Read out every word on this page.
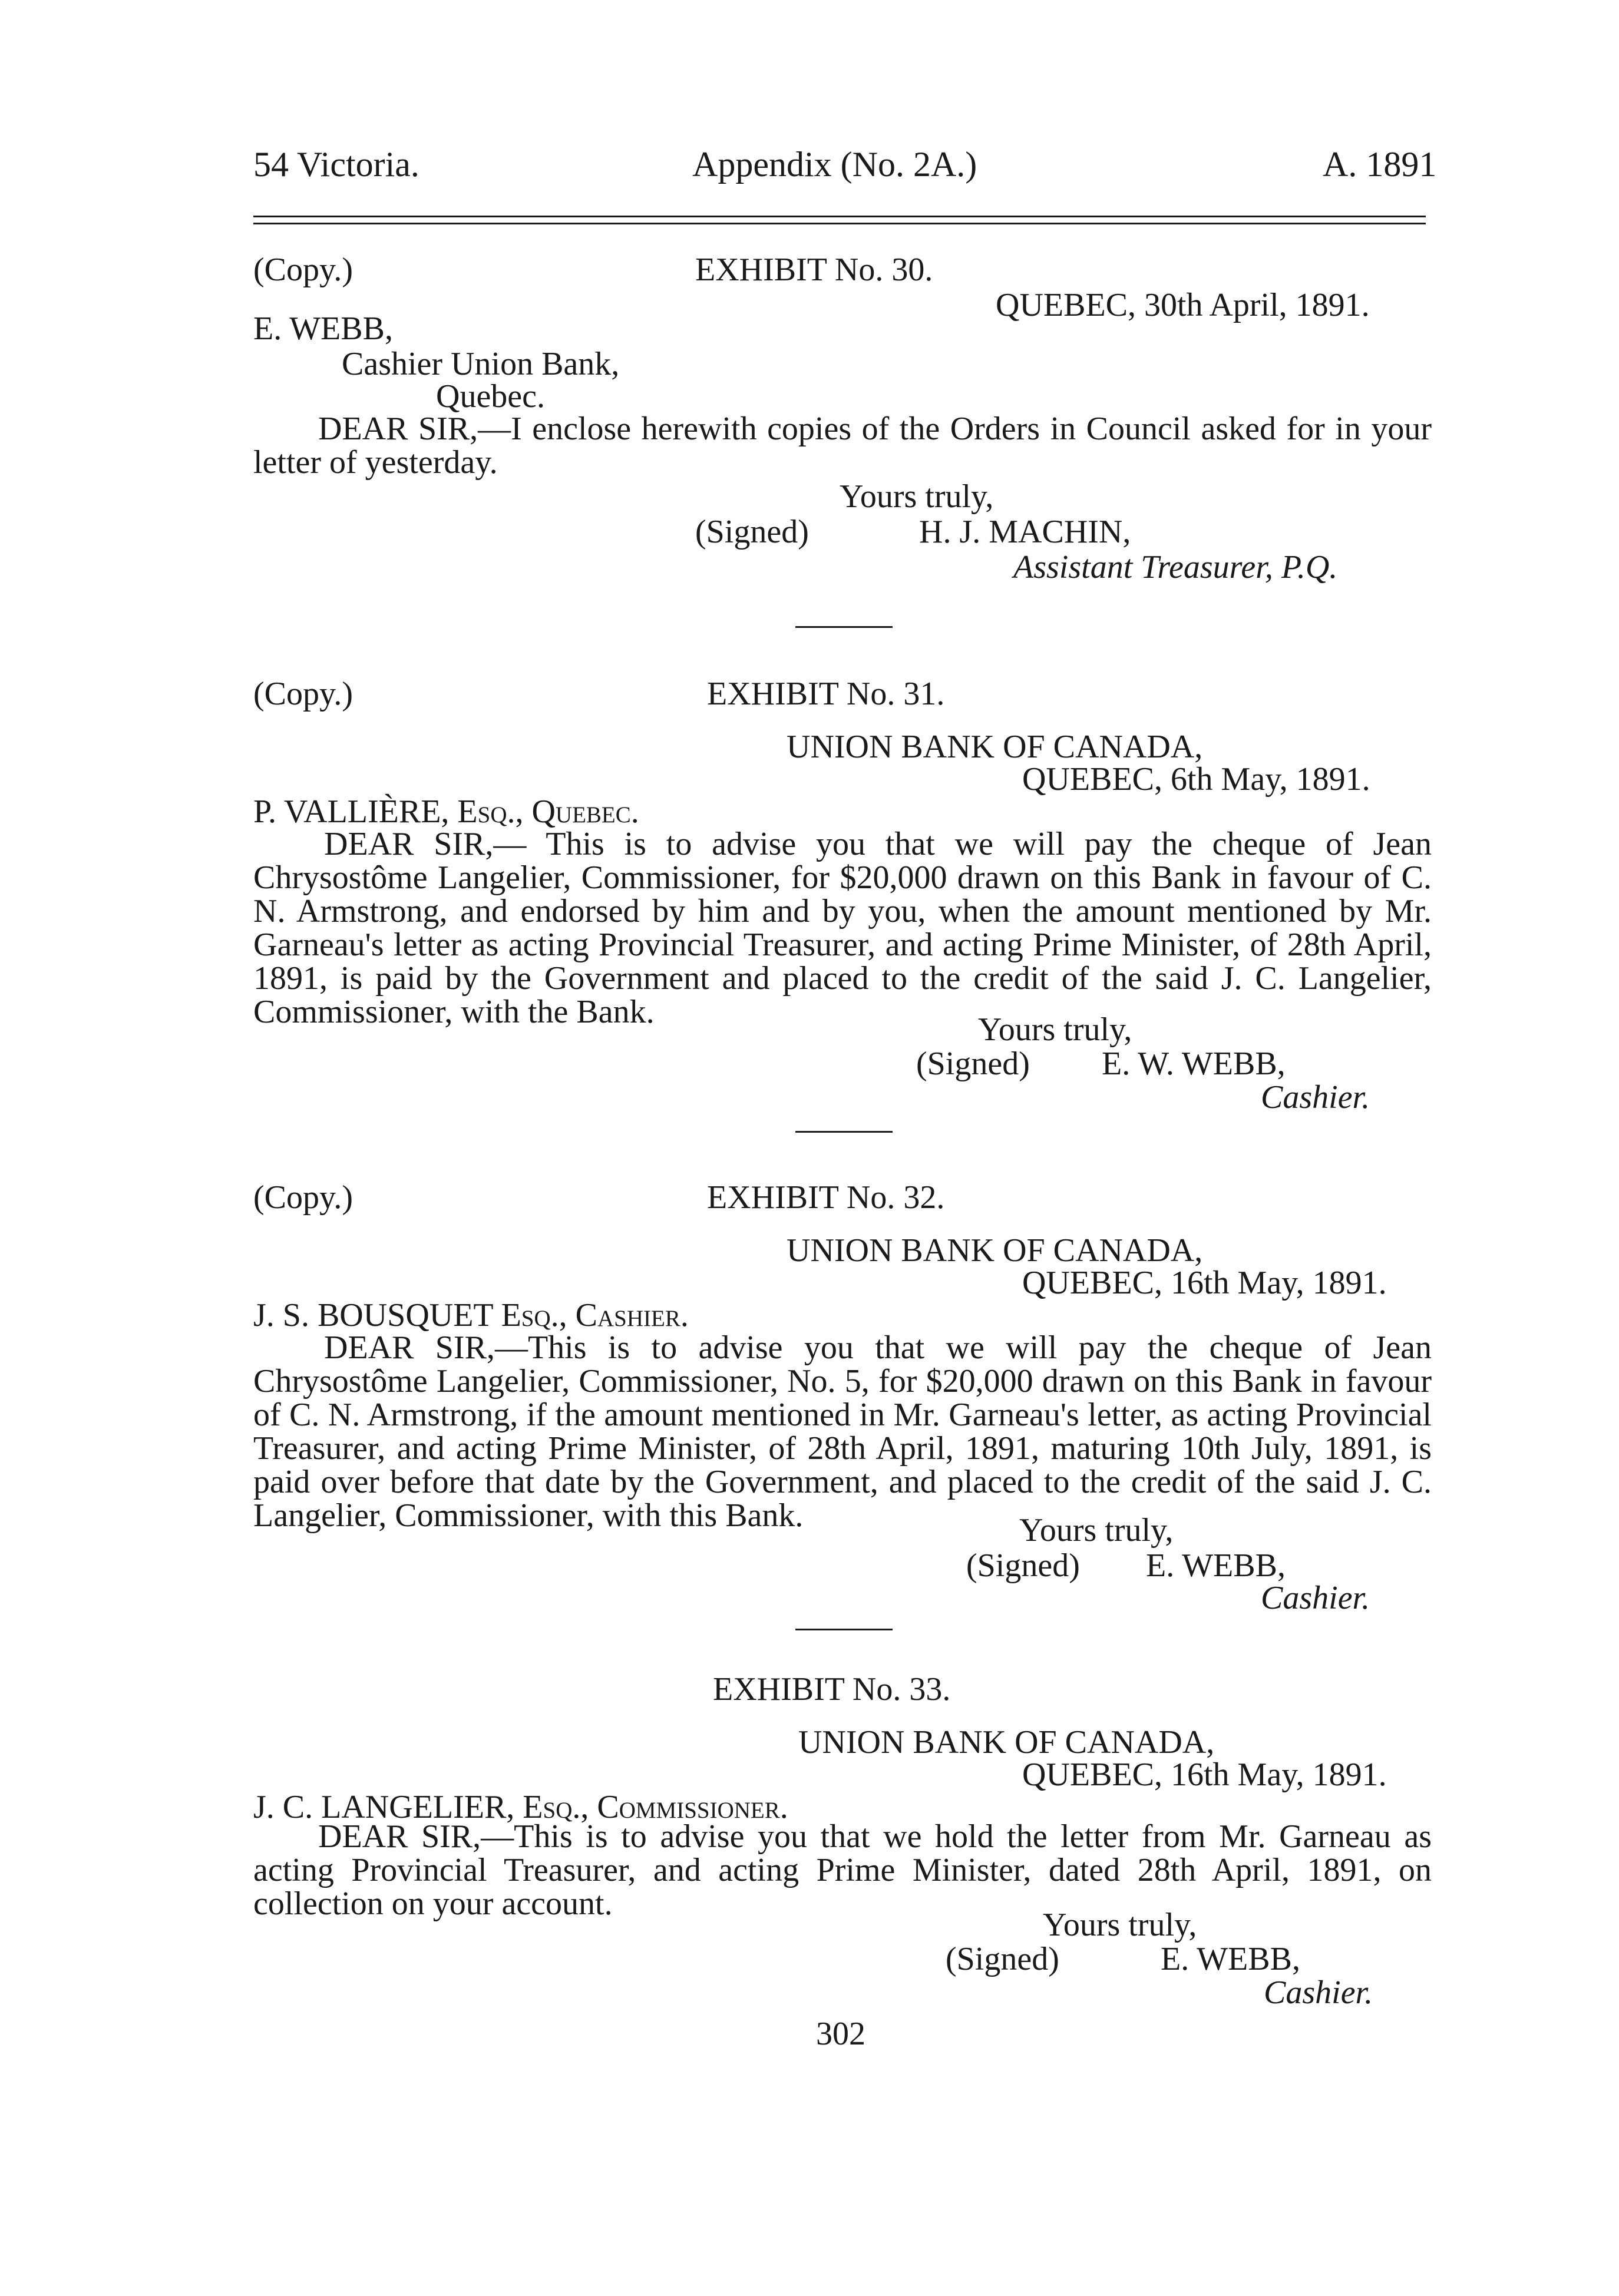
54 Victoria.	Appendix (No. 2A.)	A. 1891
(Copy.)	EXHIBIT No. 30.
QUEBEC, 30th April, 1891.
E. WEBB,
Cashier Union Bank,
Quebec.
DEAR SIR,—I enclose herewith copies of the Orders in Council asked for in your letter of yesterday.
Yours truly,
(Signed)	H. J. MACHIN,
Assistant Treasurer, P.Q.
(Copy.)	EXHIBIT No. 31.
UNION BANK OF CANADA,
QUEBEC, 6th May, 1891.
P. VALLIÈRE, Esq., Quebec.
DEAR SIR,— This is to advise you that we will pay the cheque of Jean Chrysostôme Langelier, Commissioner, for $20,000 drawn on this Bank in favour of C. N. Armstrong, and endorsed by him and by you, when the amount mentioned by Mr. Garneau's letter as acting Provincial Treasurer, and acting Prime Minister, of 28th April, 1891, is paid by the Government and placed to the credit of the said J. C. Langelier, Commissioner, with the Bank.	Yours truly,
(Signed) E. W. WEBB,
Cashier.
(Copy.)	EXHIBIT No. 32.
UNION BANK OF CANADA,
QUEBEC, 16th May, 1891.
J. S. BOUSQUET Esq., Cashier.
DEAR SIR,—This is to advise you that we will pay the cheque of Jean Chrysostôme Langelier, Commissioner, No. 5, for $20,000 drawn on this Bank in favour of C. N. Armstrong, if the amount mentioned in Mr. Garneau's letter, as acting Provincial Treasurer, and acting Prime Minister, of 28th April, 1891, maturing 10th July, 1891, is paid over before that date by the Government, and placed to the credit of the said J. C. Langelier, Commissioner, with this Bank.	Yours truly,
(Signed) E. WEBB,
Cashier.
EXHIBIT No. 33.
UNION BANK OF CANADA,
QUEBEC, 16th May, 1891.
J. C. LANGELIER, Esq., Commissioner.
DEAR SIR,—This is to advise you that we hold the letter from Mr. Garneau as acting Provincial Treasurer, and acting Prime Minister, dated 28th April, 1891, on collection on your account.
Yours truly,
(Signed)	E. WEBB,
Cashier.
302
